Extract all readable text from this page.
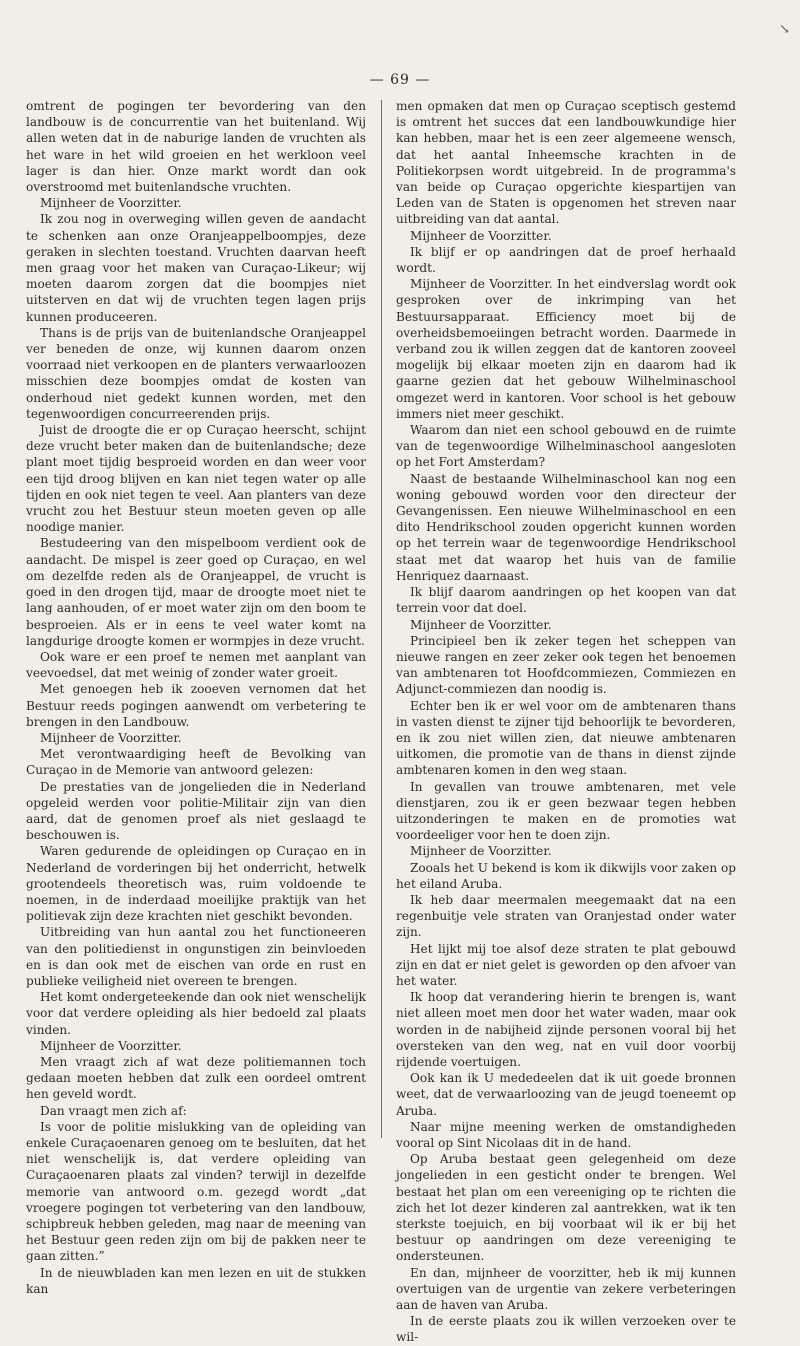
↘
— 69 —

omtrent de pogingen ter bevordering van den landbouw is de concurrentie van het buitenland. Wij allen weten dat in de naburige landen de vruchten als het ware in het wild groeien en het werkloon veel lager is dan hier. Onze markt wordt dan ook overstroomd met buitenlandsche vruchten.

Mijnheer de Voorzitter.

Ik zou nog in overweging willen geven de aandacht te schenken aan onze Oranjeappelboompjes, deze geraken in slechten toestand. Vruchten daarvan heeft men graag voor het maken van Curaçao-Likeur; wij moeten daarom zorgen dat die boompjes niet uitsterven en dat wij de vruchten tegen lagen prijs kunnen produceeren.

Thans is de prijs van de buitenlandsche Oranjeappel ver beneden de onze, wij kunnen daarom onzen voorraad niet verkoopen en de planters verwaarloozen misschien deze boompjes omdat de kosten van onderhoud niet gedekt kunnen worden, met den tegenwoordigen concurreerenden prijs.

Juist de droogte die er op Curaçao heerscht, schijnt deze vrucht beter maken dan de buitenlandsche; deze plant moet tijdig besproeid worden en dan weer voor een tijd droog blijven en kan niet tegen water op alle tijden en ook niet tegen te veel. Aan planters van deze vrucht zou het Bestuur steun moeten geven op alle noodige manier.

Bestudeering van den mispelboom verdient ook de aandacht. De mispel is zeer goed op Curaçao, en wel om dezelfde reden als de Oranjeappel, de vrucht is goed in den drogen tijd, maar de droogte moet niet te lang aanhouden, of er moet water zijn om den boom te besproeien. Als er in eens te veel water komt na langdurige droogte komen er wormpjes in deze vrucht.

Ook ware er een proef te nemen met aanplant van veevoedsel, dat met weinig of zonder water groeit.

Met genoegen heb ik zooeven vernomen dat het Bestuur reeds pogingen aanwendt om verbetering te brengen in den Landbouw.

Mijnheer de Voorzitter.

Met verontwaardiging heeft de Bevolking van Curaçao in de Memorie van antwoord gelezen:

De prestaties van de jongelieden die in Nederland opgeleid werden voor politie-Militair zijn van dien aard, dat de genomen proef als niet geslaagd te beschouwen is.

Waren gedurende de opleidingen op Curaçao en in Nederland de vorderingen bij het onderricht, hetwelk grootendeels theoretisch was, ruim voldoende te noemen, in de inderdaad moeilijke praktijk van het politievak zijn deze krachten niet geschikt bevonden.

Uitbreiding van hun aantal zou het functioneeren van den politiedienst in ongunstigen zin beinvloeden en is dan ook met de eischen van orde en rust en publieke veiligheid niet overeen te brengen.

Het komt ondergeteekende dan ook niet wenschelijk voor dat verdere opleiding als hier bedoeld zal plaats vinden.

Mijnheer de Voorzitter.

Men vraagt zich af wat deze politiemannen toch gedaan moeten hebben dat zulk een oordeel omtrent hen geveld wordt.

Dan vraagt men zich af:

Is voor de politie mislukking van de opleiding van enkele Curaçaoenaren genoeg om te besluiten, dat het niet wenschelijk is, dat verdere opleiding van Curaçaoenaren plaats zal vinden? terwijl in dezelfde memorie van antwoord o.m. gezegd wordt „dat vroegere pogingen tot verbetering van den landbouw, schipbreuk hebben geleden, mag naar de meening van het Bestuur geen reden zijn om bij de pakken neer te gaan zitten.”

In de nieuwbladen kan men lezen en uit de stukken kan

men opmaken dat men op Curaçao sceptisch gestemd is omtrent het succes dat een landbouwkundige hier kan hebben, maar het is een zeer algemeene wensch, dat het aantal Inheemsche krachten in de Politiekorpsen wordt uitgebreid. In de programma's van beide op Curaçao opgerichte kiespartijen van Leden van de Staten is opgenomen het streven naar uitbreiding van dat aantal.

Mijnheer de Voorzitter.

Ik blijf er op aandringen dat de proef herhaald wordt.

Mijnheer de Voorzitter. In het eindverslag wordt ook gesproken over de inkrimping van het Bestuursapparaat. Efficiency moet bij de overheidsbemoeiingen betracht worden. Daarmede in verband zou ik willen zeggen dat de kantoren zooveel mogelijk bij elkaar moeten zijn en daarom had ik gaarne gezien dat het gebouw Wilhelminaschool omgezet werd in kantoren. Voor school is het gebouw immers niet meer geschikt.

Waarom dan niet een school gebouwd en de ruimte van de tegenwoordige Wilhelminaschool aangesloten op het Fort Amsterdam?

Naast de bestaande Wilhelminaschool kan nog een woning gebouwd worden voor den directeur der Gevangenissen. Een nieuwe Wilhelminaschool en een dito Hendrikschool zouden opgericht kunnen worden op het terrein waar de tegenwoordige Hendrikschool staat met dat waarop het huis van de familie Henriquez daarnaast.

Ik blijf daarom aandringen op het koopen van dat terrein voor dat doel.

Mijnheer de Voorzitter.

Principieel ben ik zeker tegen het scheppen van nieuwe rangen en zeer zeker ook tegen het benoemen van ambtenaren tot Hoofdcommiezen, Commiezen en Adjunct-commiezen dan noodig is.

Echter ben ik er wel voor om de ambtenaren thans in vasten dienst te zijner tijd behoorlijk te bevorderen, en ik zou niet willen zien, dat nieuwe ambtenaren uitkomen, die promotie van de thans in dienst zijnde ambtenaren komen in den weg staan.

In gevallen van trouwe ambtenaren, met vele dienstjaren, zou ik er geen bezwaar tegen hebben uitzonderingen te maken en de promoties wat voordeeliger voor hen te doen zijn.

Mijnheer de Voorzitter.

Zooals het U bekend is kom ik dikwijls voor zaken op het eiland Aruba.

Ik heb daar meermalen meegemaakt dat na een regenbuitje vele straten van Oranjestad onder water zijn.

Het lijkt mij toe alsof deze straten te plat gebouwd zijn en dat er niet gelet is geworden op den afvoer van het water.

Ik hoop dat verandering hierin te brengen is, want niet alleen moet men door het water waden, maar ook worden in de nabijheid zijnde personen vooral bij het oversteken van den weg, nat en vuil door voorbij rijdende voertuigen.

Ook kan ik U mededeelen dat ik uit goede bronnen weet, dat de verwaarloozing van de jeugd toeneemt op Aruba.

Naar mijne meening werken de omstandigheden vooral op Sint Nicolaas dit in de hand.

Op Aruba bestaat geen gelegenheid om deze jongelieden in een gesticht onder te brengen. Wel bestaat het plan om een vereeniging op te richten die zich het lot dezer kinderen zal aantrekken, wat ik ten sterkste toejuich, en bij voorbaat wil ik er bij het bestuur op aandringen om deze vereeniging te ondersteunen.

En dan, mijnheer de voorzitter, heb ik mij kunnen overtuigen van de urgentie van zekere verbeteringen aan de haven van Aruba.

In de eerste plaats zou ik willen verzoeken over te wil-
